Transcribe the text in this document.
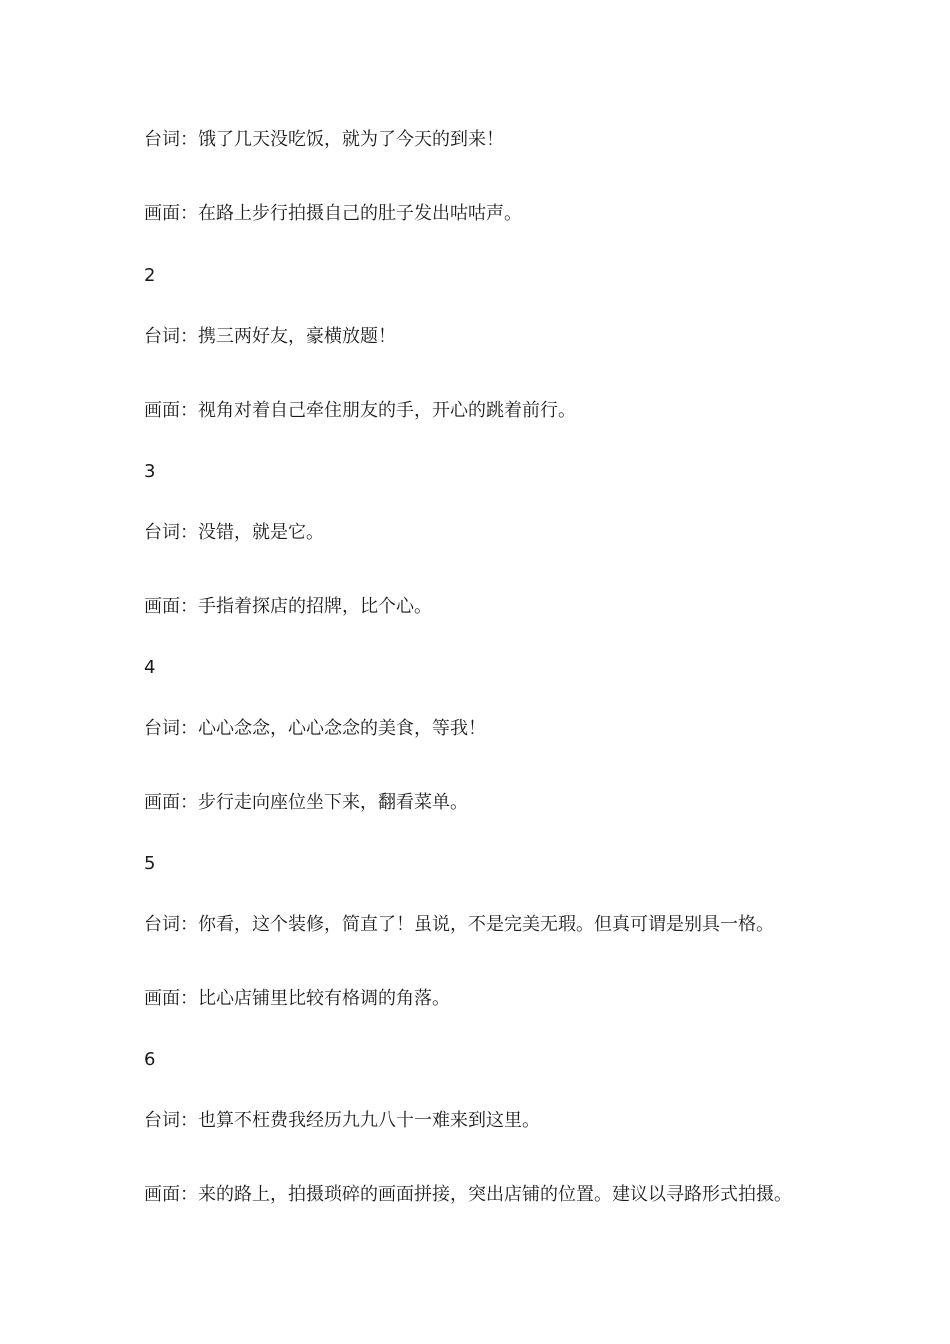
台词：饿了几天没吃饭，就为了今天的到来！
画面：在路上步行拍摄自己的肚子发出咕咕声。
2
台词：携三两好友，豪横放题！
画面：视角对着自己牵住朋友的手，开心的跳着前行。
3
台词：没错，就是它。
画面：手指着探店的招牌，比个心。
4
台词：心心念念，心心念念的美食，等我！
画面：步行走向座位坐下来，翻看菜单。
5
台词：你看，这个装修，简直了！虽说，不是完美无瑕。但真可谓是别具一格。
画面：比心店铺里比较有格调的角落。
6
台词：也算不枉费我经历九九八十一难来到这里。
画面：来的路上，拍摄琐碎的画面拼接，突出店铺的位置。建议以寻路形式拍摄。
